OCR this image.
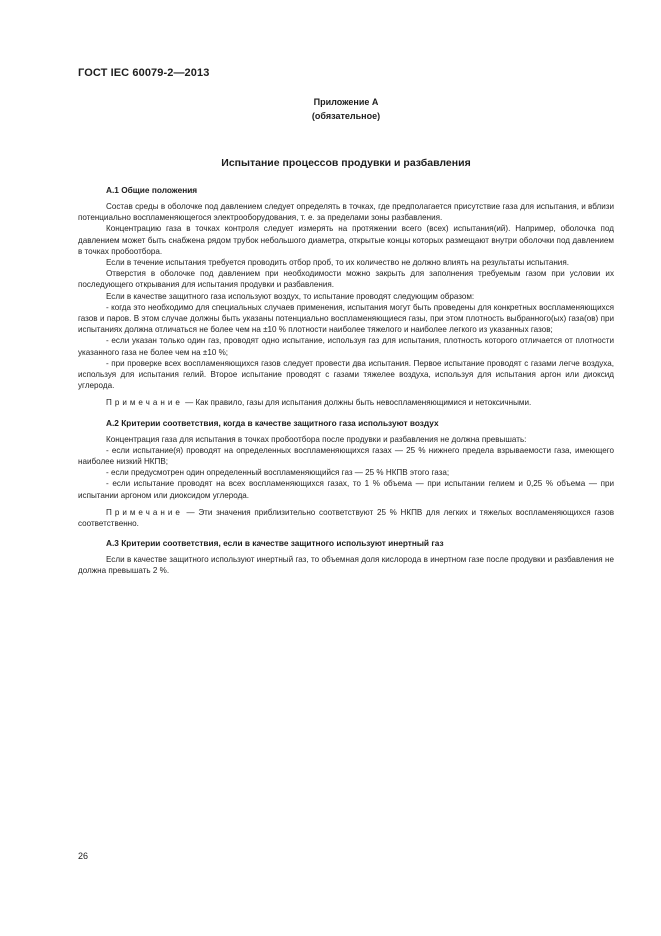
ГОСТ IEC 60079-2—2013
Приложение А
(обязательное)
Испытание процессов продувки и разбавления
А.1 Общие положения

Состав среды в оболочке под давлением следует определять в точках, где предполагается присутствие газа для испытания, и вблизи потенциально воспламеняющегося электрооборудования, т. е. за пределами зоны разбавления.

Концентрацию газа в точках контроля следует измерять на протяжении всего (всех) испытания(ий). Например, оболочка под давлением может быть снабжена рядом трубок небольшого диаметра, открытые концы которых размещают внутри оболочки под давлением в точках пробоотбора.

Если в течение испытания требуется проводить отбор проб, то их количество не должно влиять на результаты испытания.

Отверстия в оболочке под давлением при необходимости можно закрыть для заполнения требуемым газом при условии их последующего открывания для испытания продувки и разбавления.

Если в качестве защитного газа используют воздух, то испытание проводят следующим образом:

- когда это необходимо для специальных случаев применения, испытания могут быть проведены для конкретных воспламеняющихся газов и паров. В этом случае должны быть указаны потенциально воспламеняющиеся газы, при этом плотность выбранного(ых) газа(ов) при испытаниях должна отличаться не более чем на ±10 % плотности наиболее тяжелого и наиболее легкого из указанных газов;

- если указан только один газ, проводят одно испытание, используя газ для испытания, плотность которого отличается от плотности указанного газа не более чем на ±10 %;

- при проверке всех воспламеняющихся газов следует провести два испытания. Первое испытание проводят с газами легче воздуха, используя для испытания гелий. Второе испытание проводят с газами тяжелее воздуха, используя для испытания аргон или диоксид углерода.

Примечание — Как правило, газы для испытания должны быть невоспламеняющимися и нетоксичными.

А.2 Критерии соответствия, когда в качестве защитного газа используют воздух

Концентрация газа для испытания в точках пробоотбора после продувки и разбавления не должна превышать:

- если испытание(я) проводят на определенных воспламеняющихся газах — 25 % нижнего предела взрываемости газа, имеющего наиболее низкий НКПВ;

- если предусмотрен один определенный воспламеняющийся газ — 25 % НКПВ этого газа;

- если испытание проводят на всех воспламеняющихся газах, то 1 % объема — при испытании гелием и 0,25 % объема — при испытании аргоном или диоксидом углерода.

Примечание — Эти значения приблизительно соответствуют 25 % НКПВ для легких и тяжелых воспламеняющихся газов соответственно.

А.3 Критерии соответствия, если в качестве защитного используют инертный газ

Если в качестве защитного используют инертный газ, то объемная доля кислорода в инертном газе после продувки и разбавления не должна превышать 2 %.

26
